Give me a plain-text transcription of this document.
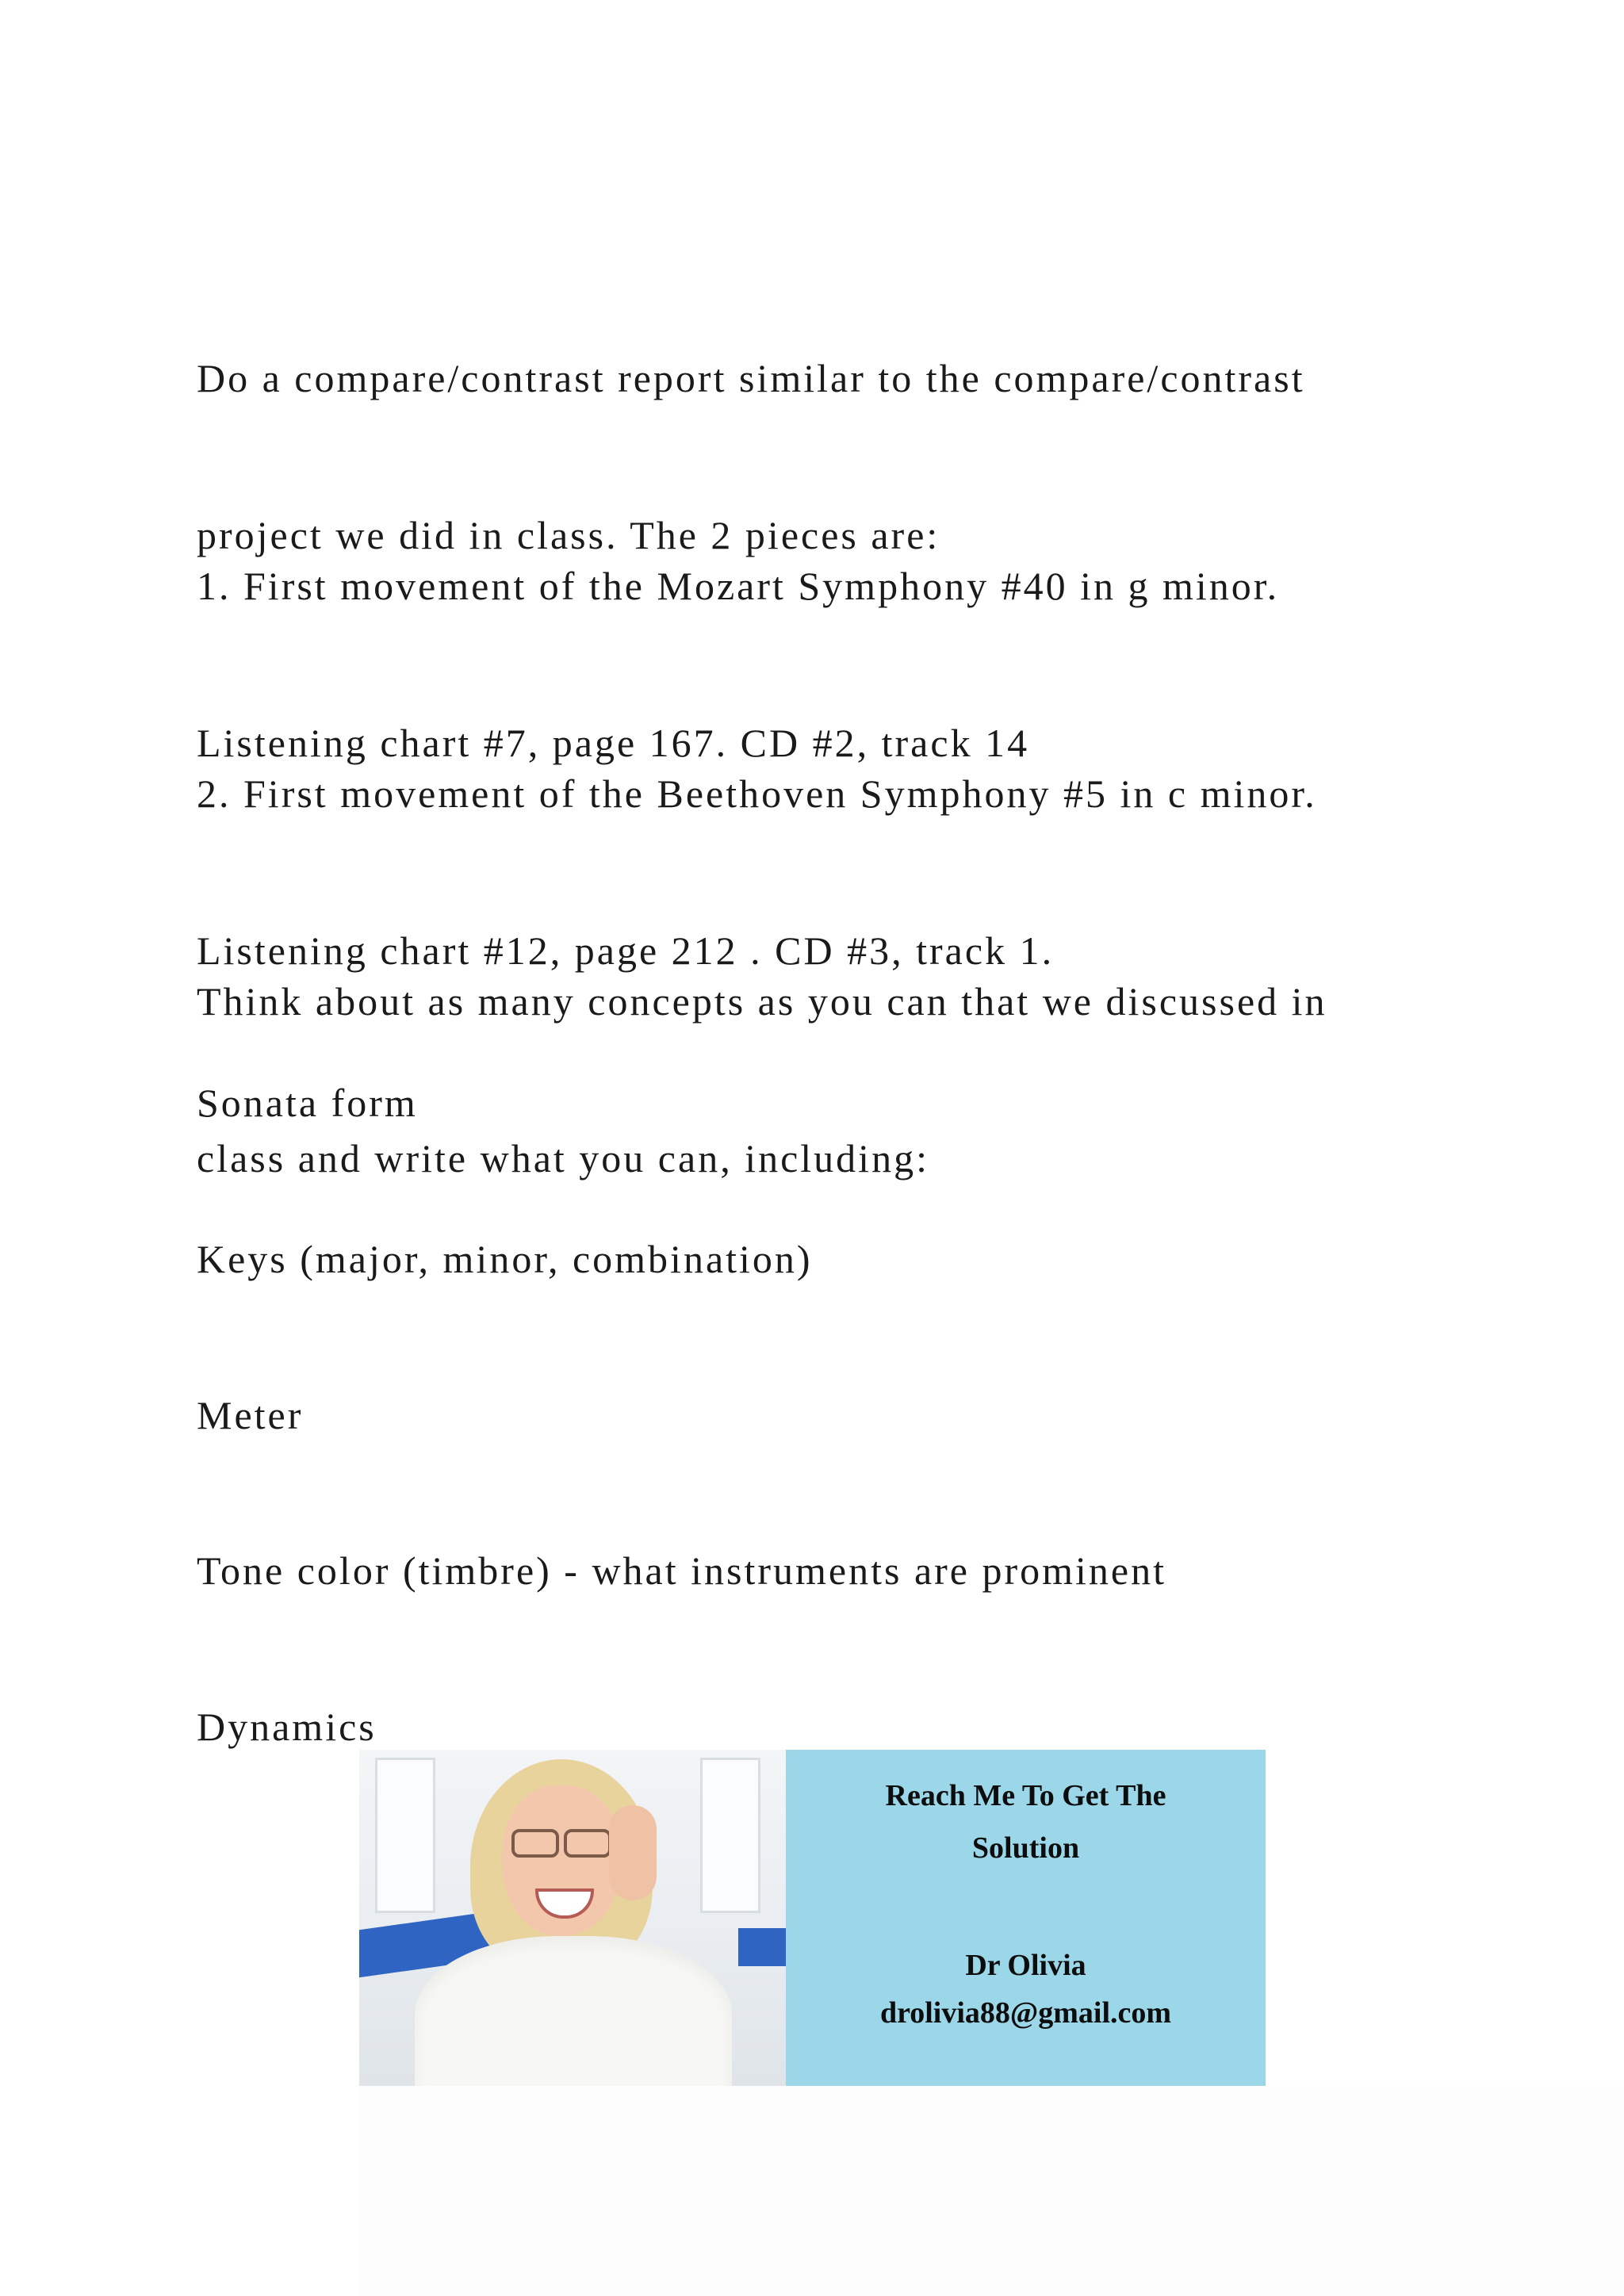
Do a compare/contrast report similar to the compare/contrast

project we did in class. The 2 pieces are:

1. First movement of the Mozart Symphony #40 in g minor.

Listening chart #7, page 167. CD #2, track 14

2. First movement of the Beethoven Symphony #5 in c minor.

Listening chart #12, page 212 . CD #3, track 1.

Think about as many concepts as you can that we discussed in

class and write what you can, including:

Sonata form
Keys (major, minor, combination)
Meter
Tone color (timbre) - what instruments are prominent
Dynamics
Reach Me To Get The
Solution
Dr Olivia
drolivia88@gmail.com
